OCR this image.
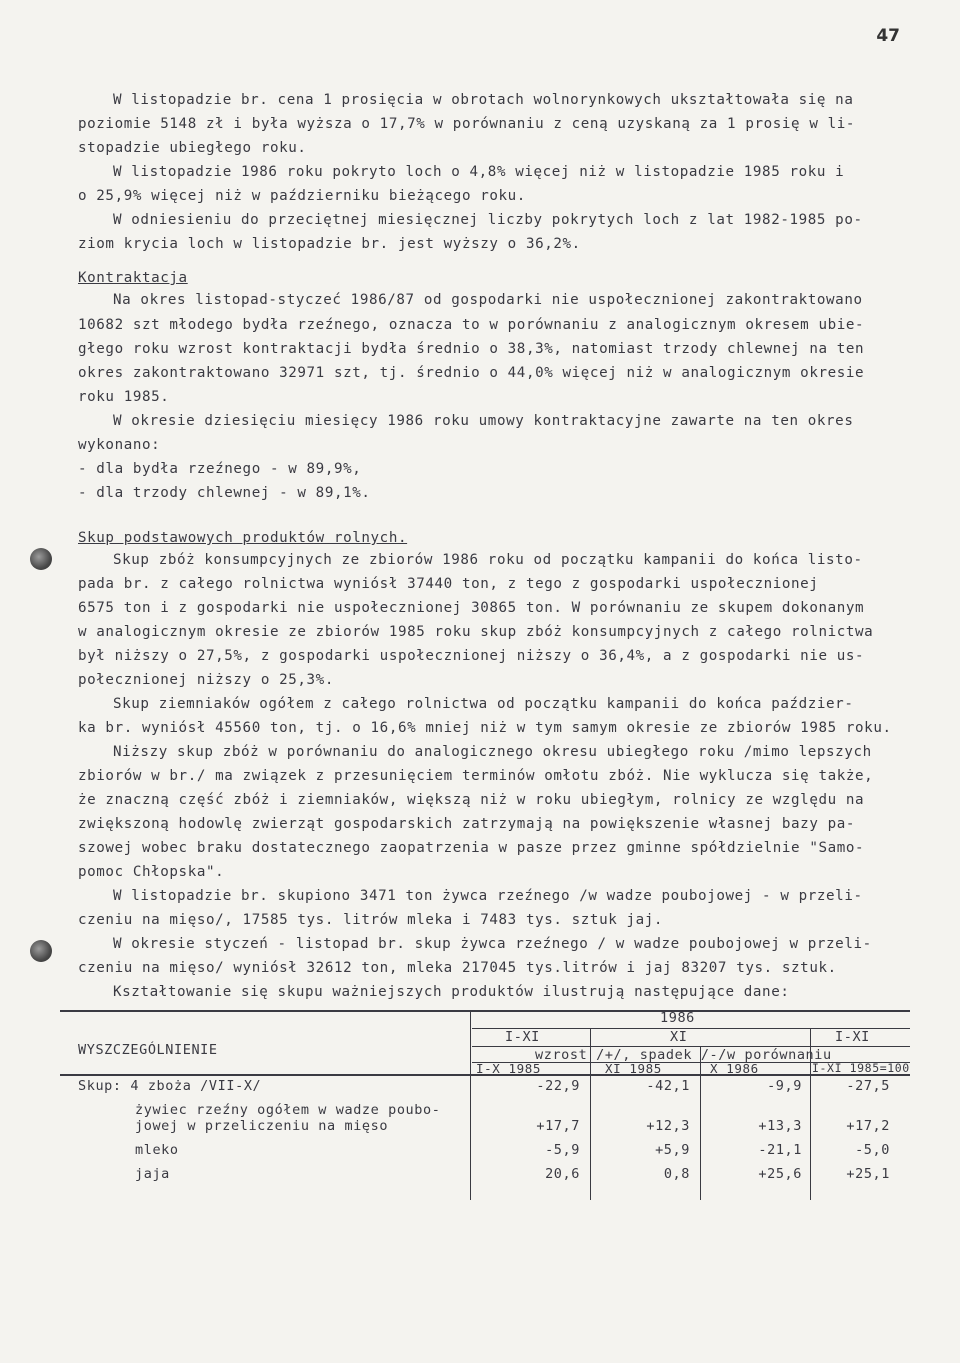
47
W listopadzie br. cena 1 prosięcia w obrotach wolnorynkowych ukształtowała się na
poziomie 5148 zł i była wyższa o 17,7% w porównaniu z ceną uzyskaną za 1 prosię w li-
stopadzie ubiegłego roku.
W listopadzie 1986 roku pokryto loch o 4,8% więcej niż w listopadzie 1985 roku i
o 25,9% więcej niż w październiku bieżącego roku.
W odniesieniu do przeciętnej miesięcznej liczby pokrytych loch z lat 1982-1985 po-
ziom krycia loch w listopadzie br. jest wyższy o 36,2%.
Kontraktacja
Na okres listopad-styczeć 1986/87 od gospodarki nie uspołecznionej zakontraktowano
10682 szt młodego bydła rzeźnego, oznacza to w porównaniu z analogicznym okresem ubie-
głego roku wzrost kontraktacji bydła średnio o 38,3%, natomiast trzody chlewnej na ten
okres zakontraktowano 32971 szt, tj. średnio o 44,0% więcej niż w analogicznym okresie
roku 1985.
W okresie dziesięciu miesięcy 1986 roku umowy kontraktacyjne zawarte na ten okres
wykonano:
- dla bydła rzeźnego - w 89,9%,
- dla trzody chlewnej - w 89,1%.
Skup podstawowych produktów rolnych.
Skup zbóż konsumpcyjnych ze zbiorów 1986 roku od początku kampanii do końca listo-
pada br. z całego rolnictwa wyniósł 37440 ton, z tego z gospodarki uspołecznionej
6575 ton i z gospodarki nie uspołecznionej 30865 ton. W porównaniu ze skupem dokonanym
w analogicznym okresie ze zbiorów 1985 roku skup zbóż konsumpcyjnych z całego rolnictwa
był niższy o 27,5%, z gospodarki uspołecznionej niższy o 36,4%, a z gospodarki nie us-
połecznionej niższy o 25,3%.
Skup ziemniaków ogółem z całego rolnictwa od początku kampanii do końca paździer-
ka br. wyniósł 45560 ton, tj. o 16,6% mniej niż w tym samym okresie ze zbiorów 1985 roku.
Niższy skup zbóż w porównaniu do analogicznego okresu ubiegłego roku /mimo lepszych
zbiorów w br./ ma związek z przesunięciem terminów omłotu zbóż. Nie wyklucza się także,
że znaczną część zbóż i ziemniaków, większą niż w roku ubiegłym, rolnicy ze względu na
zwiększoną hodowlę zwierząt gospodarskich zatrzymają na powiększenie własnej bazy pa-
szowej wobec braku dostatecznego zaopatrzenia w pasze przez gminne spółdzielnie "Samo-
pomoc Chłopska".
W listopadzie br. skupiono 3471 ton żywca rzeźnego /w wadze poubojowej - w przeli-
czeniu na mięso/, 17585 tys. litrów mleka i 7483 tys. sztuk jaj.
W okresie styczeń - listopad br. skup żywca rzeźnego / w wadze poubojowej w przeli-
czeniu na mięso/ wyniósł 32612 ton, mleka 217045 tys.litrów i jaj 83207 tys. sztuk.
Kształtowanie się skupu ważniejszych produktów ilustrują następujące dane:
1986
I-XI	XI	I-XI
WYSZCZEGÓLNIENIE	wzrost /+/, spadek /-/w porównaniu
I-X 1985	XI 1985	X 1986	I-XI 1985=100
Skup: 4 zboża /VII-X/	-22,9	-42,1	-9,9	-27,5
żywiec rzeźny ogółem w wadze poubo-
jowej w przeliczeniu na mięso	+17,7	+12,3	+13,3	+17,2
mleko	-5,9	+5,9	-21,1	-5,0
jaja	20,6	0,8	+25,6	+25,1
